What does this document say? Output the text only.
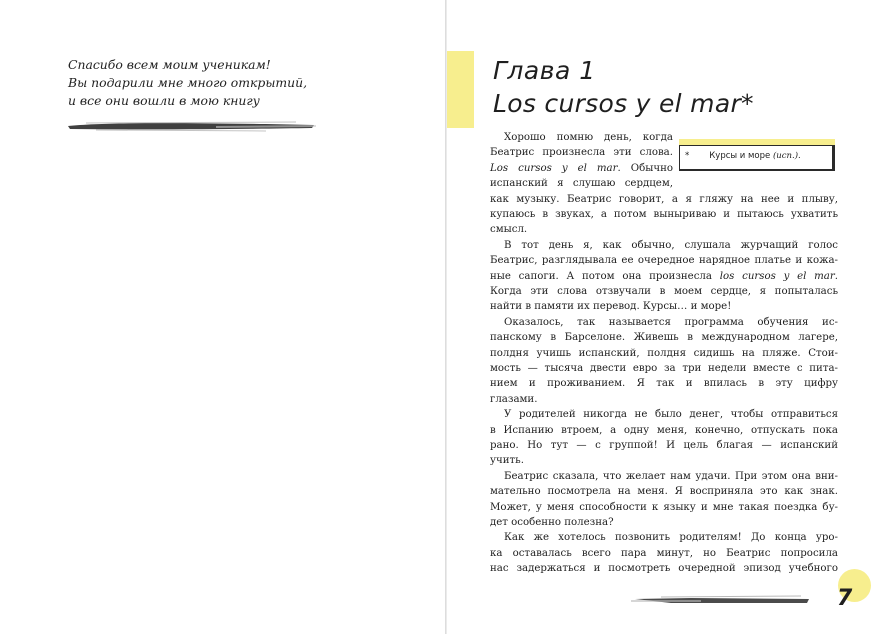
Спасибо всем моим ученикам!
Вы подарили мне много открытий,
и все они вошли в мою книгу
Глава 1
Los cursos y el mar*
* Курсы и море (исп.).
Хорошо помню день, когда
Беатрис произнесла эти слова.
Los cursos y el mar. Обычно
испанский я слушаю сердцем,
как музыку. Беатрис говорит, а я гляжу на нее и плыву,
купаюсь в звуках, а потом выныриваю и пытаюсь ухватить
смысл.
В тот день я, как обычно, слушала журчащий голос
Беатрис, разглядывала ее очередное нарядное платье и кожа-
ные сапоги. А потом она произнесла los cursos y el mar.
Когда эти слова отзвучали в моем сердце, я попыталась
найти в памяти их перевод. Курсы… и море!
Оказалось, так называется программа обучения ис-
панскому в Барселоне. Живешь в международном лагере,
полдня учишь испанский, полдня сидишь на пляже. Стои-
мость — тысяча двести евро за три недели вместе с пита-
нием и проживанием. Я так и впилась в эту цифру
глазами.
У родителей никогда не было денег, чтобы отправиться
в Испанию втроем, а одну меня, конечно, отпускать пока
рано. Но тут — с группой! И цель благая — испанский
учить.
Беатрис сказала, что желает нам удачи. При этом она вни-
мательно посмотрела на меня. Я восприняла это как знак.
Может, у меня способности к языку и мне такая поездка бу-
дет особенно полезна?
Как же хотелось позвонить родителям! До конца уро-
ка оставалась всего пара минут, но Беатрис попросила
нас задержаться и посмотреть очередной эпизод учебного
7
